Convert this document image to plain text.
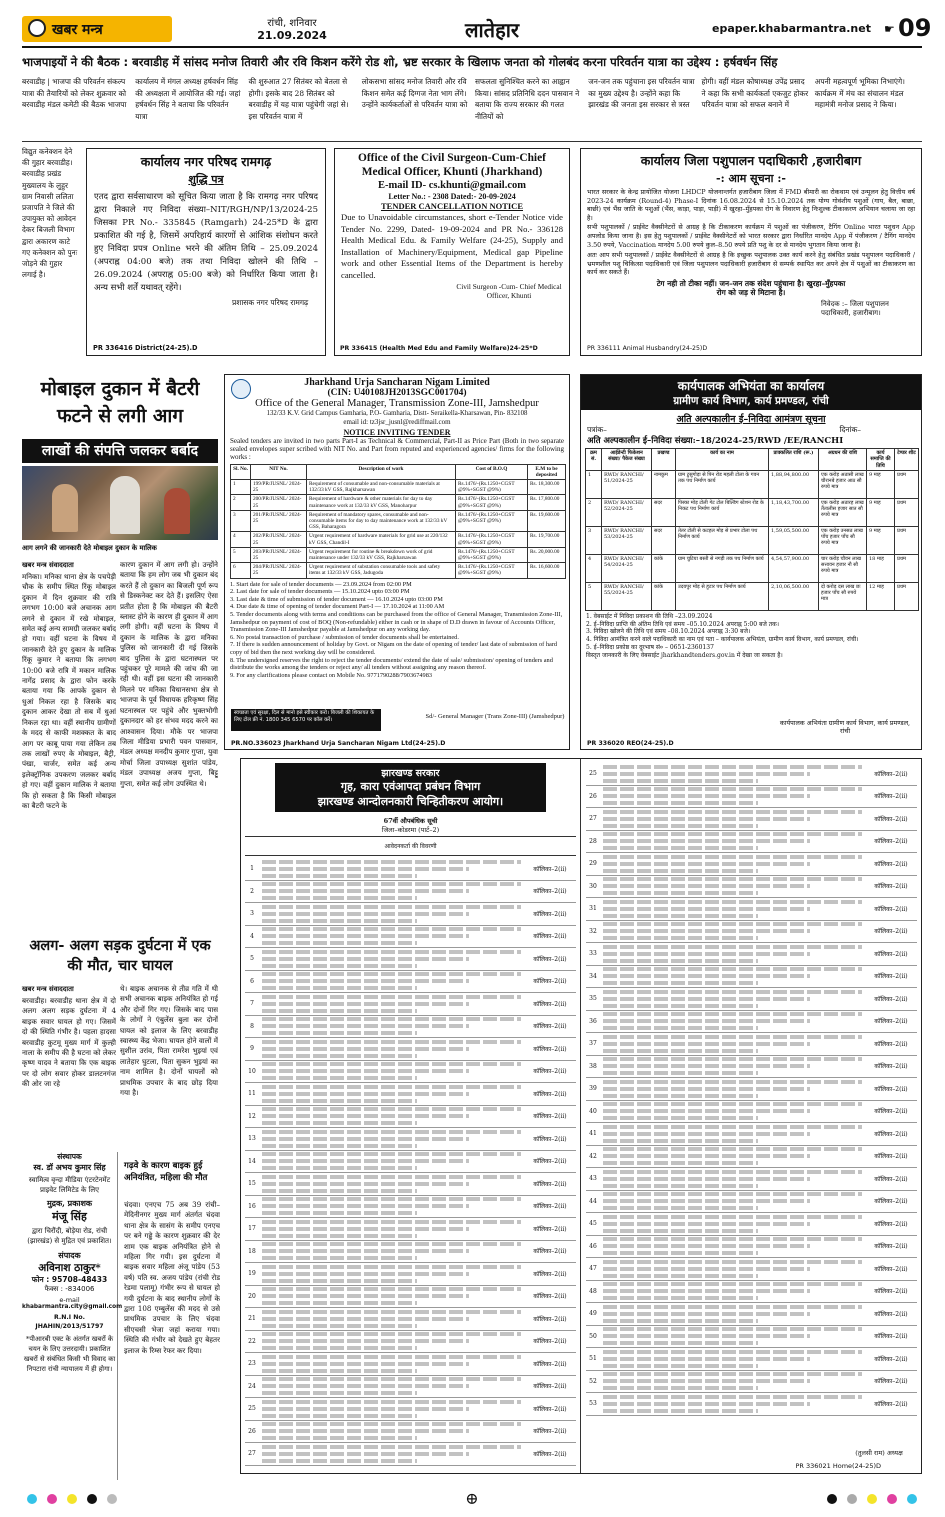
खबर मन्त्र	रांची, शनिवार
21.09.2024	लातेहार	epaper.khabarmantra.net ☛ 09
भाजपाइयों ने की बैठक : बरवाडीह में सांसद मनोज तिवारी और रवि किशन करेंगे रोड शो, भ्रष्ट सरकार के खिलाफ जनता को गोलबंद करना परिवर्तन यात्रा का उद्देश्य : हर्षवर्धन सिंह
बरवाडीह | भाजपा की परिवर्तन संकल्प यात्रा की तैयारियों को लेकर शुक्रवार को बरवाडीह मंडल कमेटी की बैठक भाजपा
कार्यालय में मंगल अध्यक्ष हर्षवर्धन सिंह की अध्यक्षता में आयोजित की गई। जहां हर्षवर्धन सिंह ने बताया कि परिवर्तन यात्रा
की शुरुआत 27 सितंबर को बेतला से होगी। इसके बाद 28 सितंबर को बरवाडीह में यह यात्रा पहुंचेगी जहां से। इस परिवर्तन यात्रा में
लोकसभा सांसद मनोज तिवारी और रवि किशन समेत कई दिग्गज नेता भाग लेंगे। उन्होंने कार्यकर्ताओं से परिवर्तन यात्रा को
सफलता सुनिश्चित करने का आह्वान किया। सांसद प्रतिनिधि ददन पासवान ने बताया कि राज्य सरकार की गलत नीतियों को
जन-जन तक पहुंचाना इस परिवर्तन यात्रा का मुख्य उद्देश्य है। उन्होंने कहा कि झारखंड की जनता इस सरकार से त्रस्त
होगी। वहीं मंडल कोषाध्यक्ष उपेंद्र प्रसाद ने कहा कि सभी कार्यकर्ता एकजुट होकर परिवर्तन यात्रा को सफल बनाने में
अपनी महत्वपूर्ण भूमिका निभाएंगे। कार्यक्रम में मंच का संचालन मंडल महामंत्री मनोज प्रसाद ने किया।
विद्युत कनेक्शन देने की गुहार बरवाडीह। बरवाडीह प्रखंड मुख्यालय के लुहुर ग्राम निवासी ललिता प्रजापति ने जिले की उपायुक्त को आवेदन देकर बिजली विभाग द्वारा अकारण काटे गए कनेक्शन को पुनः जोड़ने की गुहार लगाई है।
कार्यालय नगर परिषद रामगढ़
शुद्धि पत्र
एतद द्वारा सर्वसाधारण को सूचित किया जाता है कि रामगढ़ नगर परिषद द्वारा निकाले गए निविदा संख्या–NIT/RGH/NP/13/2024-25 जिसका PR No.- 335845 (Ramgarh) 24-25*D के द्वारा प्रकाशित की गई है, जिसमें अपरिहार्य कारणों से आंशिक संशोधन करते हुए निविदा प्रपत्र Online भरने की अंतिम तिथि – 25.09.2024 (अपराह्न 04:00 बजे) तक तथा निविदा खोलने की तिथि – 26.09.2024 (अपराह्न 05:00 बजे) को निर्धारित किया जाता है। अन्य सभी शर्तें यथावत् रहेंगे।
प्रशासक नगर परिषद रामगढ़
PR 336416 District(24-25).D
Office of the Civil Surgeon-Cum-Chief Medical Officer, Khunti (Jharkhand)
E-mail ID- cs.khunti@gmail.com
Letter No.: - 2308 Dated:- 20-09-2024
TENDER CANCELLATION NOTICE
Due to Unavoidable circumstances, short e-Tender Notice vide Tender No. 2299, Dated- 19-09-2024 and PR No.- 336128 Health Medical Edu. & Family Welfare (24-25), Supply and Installation of Machinery/Equipment, Medical gap Pipeline work and other Essential Items of the Department is hereby cancelled.
Civil Surgeon -Cum- Chief Medical Officer, Khunti
PR 336415 (Health Med Edu and Family Welfare)24-25*D
कार्यालय जिला पशुपालन पदाधिकारी ,हजारीबाग
-: आम सूचना :-
भारत सरकार के केन्द्र प्रायोजित योजना LHDCP योजनान्तर्गत हजारीबाग जिला में FMD बीमारी का रोकथाम एवं उन्मूलन हेतु वित्तीय वर्ष 2023-24 कार्यक्रम (Round-4) Phase-I दिनांक 16.08.2024 से 15.10.2024 तक योग्य गोवंशीय पशुओं (गाय, बैल, बाछा, बाछी) एवं भैंस जाति के पशुओं (भैंस, काड़ा, पाड़ा, पाड़ी) में खुरहा–मुँहपका रोग के निवारण हेतु निःशुल्क टीकाकरण अभियान चलाया जा रहा है।
सभी पशुपालकों / प्राईवेट वैक्सीनेटरों से आग्रह है कि टीकाकरण कार्यक्रम में पशुओं का पंजीकरण, टैगिंग Online भारत पशुधन App अपलोड किया जाना है। इस हेतु पशुपालकों / प्राईवेट वैक्सीनेटरों को भारत सरकार द्वारा निर्धारित मानदेय App में पंजीकरण / टैगिंग मानदेय 3.50 रुपये, Vaccination मानदेय 5.00 रुपये कुल–8.50 रुपये प्रति पशु के दर से मानदेय भुगतान किया जाना है।
अतः आप सभी पशुपालकों / प्राईवेट वैक्सीनेटरों से आग्रह है कि इच्छुक पशुपालक उक्त कार्य करने हेतु संबंधित प्रखंड पशुपालन पदाधिकारी / भ्रमणशील पशु चिकित्सा पदाधिकारी एवं जिला पशुपालन पदाधिकारी हजारीबाग से सम्पर्क स्थापित कर अपने क्षेत्र में पशुओं का टीकाकरण का कार्य कर सकते हैं।
टेग नही तो टीका नहीं। जन–जन तक संदेश पहुंचाना है। खुरहा–मुँहपका रोग को जड़ से मिटाना है।
निवेदक :– जिला पशुपालन पदाधिकारी, हजारीबाग।
PR 336111 Animal Husbandry(24-25)D
मोबाइल दुकान में बैटरी फटने से लगी आग
लाखों की संपत्ति जलकर बर्बाद
आग लगने की जानकारी देते मोबाइल दुकान के मालिक
खबर मन्त्र संवाददाता
मनिका। मनिका थाना क्षेत्र के पचपेड़ी चौक के समीप स्थित रिंकू मोबाइल दुकान में दिन शुक्रवार की रात्रि लगभग 10:00 बजे अचानक आग लगने से दुकान में रखे मोबाइल, समेत कई अन्य सामग्री जलकर बर्बाद हो गया। वहीं घटना के विषय में जानकारी देते हुए दुकान के मालिक रिंकू कुमार ने बताया कि लगभग 10:00 बजे रात्रि में मकान मालिक नागेंद्र प्रसाद के द्वारा फोन करके बताया गया कि आपके दुकान से धुआं निकल रहा है जिसके बाद दुकान आकर देखा तो सब में धुआं निकल रहा था। वहीं स्थानीय ग्रामीणों के मदद से काफी मशक्कत के बाद आग पर काबू पाया गया लेकिन तब तक लाखों रुपए के मोबाइल, बैट्री, पंखा, चार्जर, समेत कई अन्य इलेक्ट्रॉनिक उपकरण जलकर बर्बाद हो गए। वहीं दुकान मालिक ने बताया कि हो सकता है कि किसी मोबाइल का बैटरी फटने के
कारण दुकान में आग लगी हो। उन्होंने बताया कि हम लोग जब भी दुकान बंद करते हैं तो दुकान का बिजली पूर्ण रूप से डिस्कनेक्ट कर देते हैं। इसलिए ऐसा प्रतीत होता है कि मोबाइल की बैटरी ब्लास्ट होने के कारण ही दुकान में आग लगी होगी। वहीं घटना के विषय में दुकान के मालिक के द्वारा मनिका पुलिस को जानकारी दी गई जिसके बाद पुलिस के द्वारा घटनास्थल पर पहुंचकर पूरे मामले की जांच की जा रही थी। वहीं इस घटना की जानकारी मिलने पर मनिका विधानसभा क्षेत्र से भाजपा के पूर्व विधायक हरिकृष्ण सिंह घटनास्थल पर पहुंचे और भुक्तभोगी दुकानदार को हर संभव मदद करने का आश्वासन दिया। मौके पर भाजपा जिला मीडिया प्रभारी पवन पासवान, मंडल अध्यक्ष मनदीप कुमार गुप्ता, युवा मोर्चा जिला उपाध्यक्ष सुशांत पांडेय, मंडल उपाध्यक्ष अजय गुप्ता, बिट्टू गुप्ता, समेत कई लोग उपस्थित थे।
अलग- अलग सड़क दुर्घटना में एक की मौत, चार घायल
खबर मन्त्र संवाददाता
बरवाडीह। बरवाडीह थाना क्षेत्र में दो अलग अलग सड़क दुर्घटना में 4 बाइक सवार घायल हो गए। जिसमें दो की स्थिति गंभीर है। पहला हादसा बरवाडीह कुटमू मुख्य मार्ग में कुल्ही नाला के समीप की है घटना को लेकर कृष्ण यादव ने बताया कि एक बाइक पर दो लोग सवार होकर डालटनगंज की ओर जा रहे
थे। बाइक अचानक से तीव्र गति में थी सभी अचानक बाइक अनियंत्रित हो गई और दोनों गिर गए। जिसके बाद पास के लोगों ने एंबुलेंस बुला कर दोनों घायल को इलाज के लिए बरवाडीह स्वास्थ्य केंद्र भेजा। घायल होने वालों में सुशील उरांव, पिता रामरेश भुइयां एवं लातेहार घुटला, पिता सुकन भुइयां का नाम शामिल है। दोनों घायलों को प्राथमिक उपचार के बाद छोड़ दिया गया है।
संस्थापक
स्व. डॉ अभय कुमार सिंह
स्वामित्व वृन्दा मीडिया एंटरटेनमेंट प्राइवेट लिमिटेड के लिए
मुद्रक, प्रकाशक
मंजू सिंह
द्वारा चिरौंदी, बोड़ेया रोड, रांची (झारखंड) से मुद्रित एवं प्रकाशित।
संपादक
अविनाश ठाकुर*
फोन : 95708-48433
फैक्स : -834006
e-mail
khabarmantra.city@gmail.com
R.N.I No. JHAHIN/2013/51797
*पीआरबी एक्ट के अंतर्गत खबरों के चयन के लिए उत्तरदायी। प्रकाशित खबरों से संबंधित किसी भी विवाद का निपटारा रांची न्यायालय में ही होगा।
गढ़वे के कारण बाइक हुई अनियंत्रित, महिला की मौत
चंदवा। एनएच 75 अब 39 रांची–मेदिनीनगर मुख्य मार्ग अंतर्गत चंदवा थाना क्षेत्र के सासंग के समीप एनएच पर बने गढ्ढे के कारण शुक्रवार की देर शाम एक बाइक अनियंत्रित होने से महिला गिर गयी। इस दुर्घटना में बाइक सवार महिला अंजू पांडेय (53 वर्ष) पति स्व. अजय पांडेय (रांची रोड रेडमा पलामू) गंभीर रूप से घायल हो गयी दुर्घटना के बाद स्थानीय लोगों के द्वारा 108 एम्बुलेंस की मदद से उसे प्राथमिक उपचार के लिए चंदवा सीएचसी भेजा जहां कराया गया। स्थिति की गंभीर को देखते हुए बेहतर इलाज के रिम्स रेफर कर दिया।
Jharkhand Urja Sancharan Nigam Limited
(CIN: U40108JH2013SGC001704)
Office of the General Manager, Transmission Zone-III, Jamshedpur
132/33 K.V. Grid Campus Gamharia, P.O- Gamharia, Distt- Seraikella-Kharsawan, Pin- 832108
email id: tz3jsr_jusnl@rediffmail.com
NOTICE INVITING TENDER
Sealed tenders are invited in two parts Part-I as Technical & Commercial, Part-II as Price Part (Both in two separate sealed envelopes super scribed with NIT No. and Part from reputed and experienced agencies/ firms for the following works :
Sl. No.	NIT No.	Description of work	Cost of B.O.Q	E.M to be deposited
1	199/PR/JUSNL/ 2024-25	Requirement of consumable and non-consumable materials at 132/33 kV GSS, Rajkharsawan	Rs.1476/-(Rs.1250+CGST @9%+SGST @9%)	Rs. 18,300.00
2	200/PR/JUSNL/ 2024-25	Requirement of hardware & other materials for day to day maintenance work at 132/33 kV GSS, Manoharpur	Rs.1476/-(Rs.1250+CGST @9%+SGST @9%)	Rs. 17,800.00
3	201/PR/JUSNL/ 2024-25	Requirement of mandatory spares, consumable and non-consumable items for day to day maintenance work at 132/33 kV GSS, Baharagora	Rs.1476/-(Rs.1250+CGST @9%+SGST @9%)	Rs. 19,600.00
4	202/PR/JUSNL/ 2024-25	Urgent requirement of hardware materials for grid use at 220/132 kV GSS, Chandil-I	Rs.1476/-(Rs.1250+CGST @9%+SGST @9%)	Rs. 19,700.00
5	203/PR/JUSNL/ 2024-25	Urgent requirement for routine & breakdown work of grid maintenance under 132/33 kV GSS, Rajkharsawan	Rs.1476/-(Rs.1250+CGST @9%+SGST @9%)	Rs. 20,000.00
6	204/PR/JUSNL/ 2024-25	Urgent requirement of substation consumable tools and safety items at 132/33 kV GSS, Jadugoda	Rs.1476/-(Rs.1250+CGST @9%+SGST @9%)	Rs. 16,600.00
1. Start date for sale of tender documents — 23.09.2024 from 02:00 PM
2. Last date for sale of tender documents — 15.10.2024 upto 03:00 PM
3. Last date & time of submission of tender document — 16.10.2024 upto 03:00 PM
4. Due date & time of opening of tender document Part-I — 17.10.2024 at 11:00 AM
5. Tender documents along with terms and conditions can be purchased from the office of General Manager, Transmission Zone-III, Jamshedpur on payment of cost of BOQ (Non-refundable) either in cash or in shape of D.D drawn in favour of Accounts Officer, Transmission Zone-III Jamshedpur payable at Jamshedpur on any working day.
6. No postal transaction of purchase / submission of tender documents shall be entertained.
7. If there is sudden announcement of holiday by Govt. or Nigam on the date of opening of tender/ last date of submission of hard copy of bid then the next working day will be considered.
8. The undersigned reserves the right to reject the tender documents/ extend the date of sale/ submission/ opening of tenders and distribute the works among the tenders or reject any/ all tenders without assigning any reason thereof.
9. For any clarifications please contact on Mobile No. 9771790288/7903674983
स्वच्छता एवं सुरक्षा, दिल से मानो इसे स्वीकार करो। बिजली की शिकायत के लिए टोल फ्री नं. 1800 345 6570 पर कॉल करें।	Sd/- General Manager (Trans Zone-III) (Jamshedpur)
PR.NO.336023 Jharkhand Urja Sancharan Nigam Ltd(24-25).D
कार्यपालक अभियंता का कार्यालय
ग्रामीण कार्य विभाग, कार्य प्रमण्डल, रांची
अति अल्पकालीन ई–निविदा आमंत्रण सूचना
पत्रांक–	दिनांक–
अति अल्पकालीन ई–निविदा संख्या:–18/2024-25/RWD /EE/RANCHI
क्रम सं.	आईडेन्टी फिकेशन संख्या/ पैकेज संख्या	प्रखण्ड	कार्य का नाम	प्राक्कलित राशि (रू.)	अग्रधन की राशि	कार्य समाप्ति की तिथि	टेण्डर शीट
1	RWD/ RANCHI/ 51/2024-25	नामकुम	ग्राम टुसुगोड़ा से पिन रोड महली टोला के गवन तक पथ निर्माण कार्य	1,88,94,800.00	एक करोड़ अठासी लाख चौरानबे हजार आठ सौ रुपये मात्र	9 माह	प्रथम
2	RWD/ RANCHI/ 52/2024-25	सदर	पिस्का मोड़ टोली गेट टोल बिल्डिंग स्टेशन रोड के निकट पथ निर्माण कार्य	1,18,43,700.00	एक करोड़ अठारह लाख तैंतालीस हजार सात सौ रुपये मात्र	9 माह	प्रथम
3	RWD/ RANCHI/ 53/2024-25	सदर	तेतर टोली से कटहल मोड़ से प्रभार टोला पथ निर्माण कार्य	1,59,05,500.00	एक करोड़ उनसठ लाख पाँच हजार पाँच सौ रुपये मात्र	9 माह	प्रथम
4	RWD/ RANCHI/ 54/2024-25	कांके	ग्राम चुटिया बस्ती से नगड़ी तक पथ निर्माण कार्य	4,54,57,900.00	चार करोड़ चौवन लाख सत्तावन हजार नौ सौ रुपये मात्र	18 माह	प्रथम
5	RWD/ RANCHI/ 55/2024-25	कांके	उदयपुर मोड़ से हुटार पथ निर्माण कार्य	2,10,06,500.00	दो करोड़ दस लाख छः हजार पाँच सौ रुपये मात्र	12 माह	प्रथम
1. वेबसाईट में निविदा प्रकाशन की तिथि –23.09.2024
2. ई–निविदा प्राप्ति की अंतिम तिथि एवं समय –05.10.2024 अपराह्न 5:00 बजे तक।
3. निविदा खोलने की तिथि एवं समय –08.10.2024 अपराह्न 3:30 बजे।
4. निविदा आमंत्रित करने वाले पदाधिकारी का नाम एवं पता – कार्यपालक अभियंता, ग्रामीण कार्य विभाग, कार्य प्रमण्डल, रांची।
5. ई–निविदा प्रकोष्ठ का दूरभाष सं० – 0651-2360137
विस्तृत जानकारी के लिए वेबसाईट jharkhandtenders.gov.in में देखा जा सकता है।
कार्यपालक अभियंता ग्रामीण कार्य विभाग, कार्य प्रमण्डल, रांची
PR 336020 REO(24-25).D
झारखण्ड सरकार
गृह, कारा एवंआपदा प्रबंधन विभाग
झारखण्ड आन्दोलनकारी चिन्हितीकरण आयोग।
67वीं औपबंधिक सूची
जिला–कोडरमा (पार्ट–2)
आवेदनकर्ता की विवरणी
1	कॉलिका–2(ii)
2	कॉलिका–2(ii)
3	कॉलिका–2(ii)
4	कॉलिका–2(ii)
5	कॉलिका–2(ii)
6	कॉलिका–2(ii)
7	कॉलिका–2(ii)
8	कॉलिका–2(ii)
9	कॉलिका–2(ii)
10	कॉलिका–2(ii)
11	कॉलिका–2(ii)
12	कॉलिका–2(ii)
13	कॉलिका–2(ii)
14	कॉलिका–2(ii)
15	कॉलिका–2(ii)
16	कॉलिका–2(ii)
17	कॉलिका–2(ii)
18	कॉलिका–2(ii)
19	कॉलिका–2(ii)
20	कॉलिका–2(ii)
21	कॉलिका–2(ii)
22	कॉलिका–2(ii)
23	कॉलिका–2(ii)
24	कॉलिका–2(ii)
25	कॉलिका–2(ii)
26	कॉलिका–2(ii)
27	कॉलिका–2(ii)
25	कॉलिका–2(ii)
26	कॉलिका–2(ii)
27	कॉलिका–2(ii)
28	कॉलिका–2(ii)
29	कॉलिका–2(ii)
30	कॉलिका–2(ii)
31	कॉलिका–2(ii)
32	कॉलिका–2(ii)
33	कॉलिका–2(ii)
34	कॉलिका–2(ii)
35	कॉलिका–2(ii)
36	कॉलिका–2(ii)
37	कॉलिका–2(ii)
38	कॉलिका–2(ii)
39	कॉलिका–2(ii)
40	कॉलिका–2(ii)
41	कॉलिका–2(ii)
42	कॉलिका–2(ii)
43	कॉलिका–2(ii)
44	कॉलिका–2(ii)
45	कॉलिका–2(ii)
46	कॉलिका–2(ii)
47	कॉलिका–2(ii)
48	कॉलिका–2(ii)
49	कॉलिका–2(ii)
50	कॉलिका–2(ii)
51	कॉलिका–2(ii)
52	कॉलिका–2(ii)
53	कॉलिका–2(ii)
(तुलसी राम) अध्यक्ष
PR 336021 Home(24-25)D
⊕
